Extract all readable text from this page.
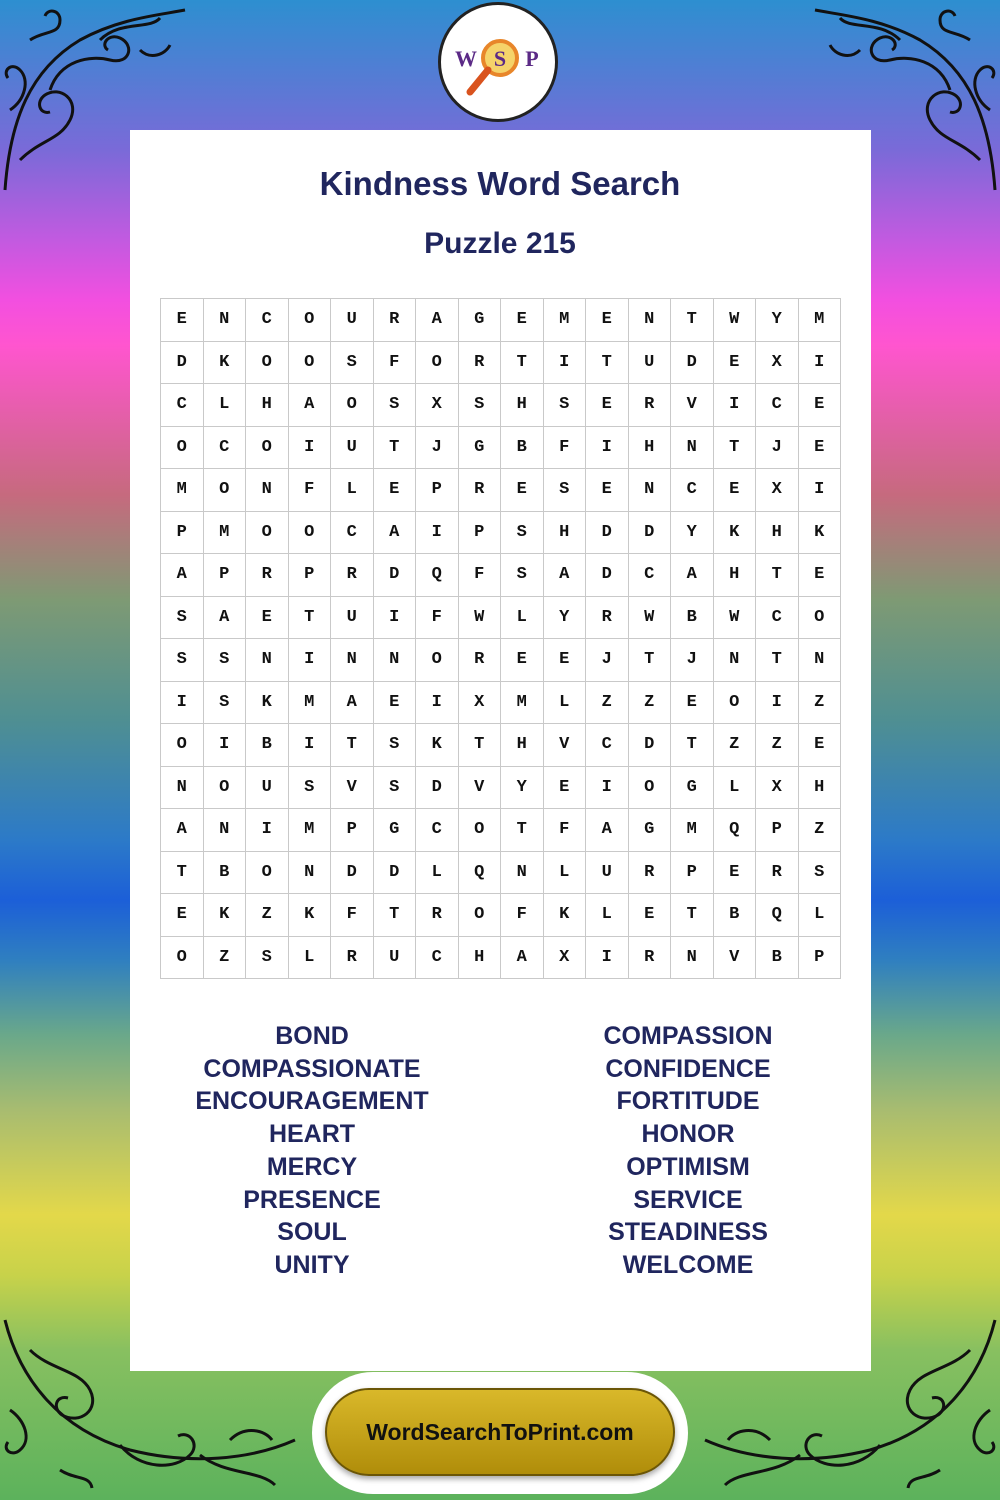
W S P
Kindness Word Search
Puzzle 215
E	N	C	O	U	R	A	G	E	M	E	N	T	W	Y	M
D	K	O	O	S	F	O	R	T	I	T	U	D	E	X	I
C	L	H	A	O	S	X	S	H	S	E	R	V	I	C	E
O	C	O	I	U	T	J	G	B	F	I	H	N	T	J	E
M	O	N	F	L	E	P	R	E	S	E	N	C	E	X	I
P	M	O	O	C	A	I	P	S	H	D	D	Y	K	H	K
A	P	R	P	R	D	Q	F	S	A	D	C	A	H	T	E
S	A	E	T	U	I	F	W	L	Y	R	W	B	W	C	O
S	S	N	I	N	N	O	R	E	E	J	T	J	N	T	N
I	S	K	M	A	E	I	X	M	L	Z	Z	E	O	I	Z
O	I	B	I	T	S	K	T	H	V	C	D	T	Z	Z	E
N	O	U	S	V	S	D	V	Y	E	I	O	G	L	X	H
A	N	I	M	P	G	C	O	T	F	A	G	M	Q	P	Z
T	B	O	N	D	D	L	Q	N	L	U	R	P	E	R	S
E	K	Z	K	F	T	R	O	F	K	L	E	T	B	Q	L
O	Z	S	L	R	U	C	H	A	X	I	R	N	V	B	P
BOND
COMPASSIONATE
ENCOURAGEMENT
HEART
MERCY
PRESENCE
SOUL
UNITY
COMPASSION
CONFIDENCE
FORTITUDE
HONOR
OPTIMISM
SERVICE
STEADINESS
WELCOME
WordSearchToPrint.com
